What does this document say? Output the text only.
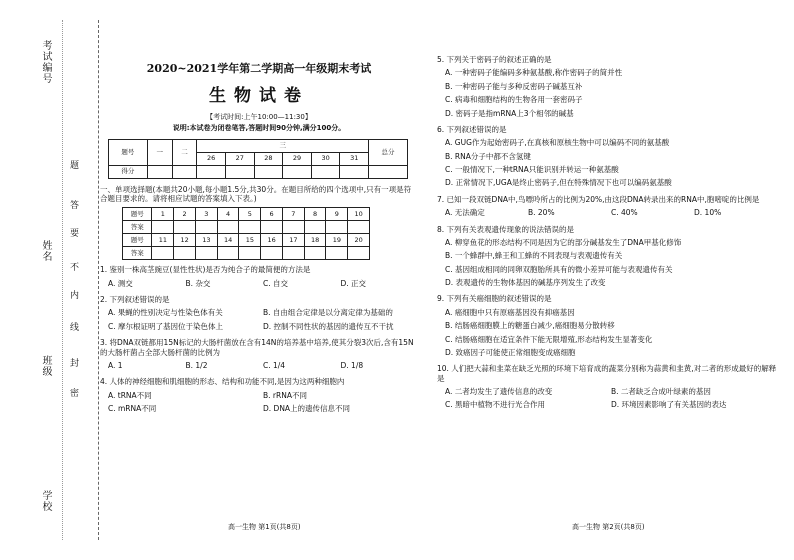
考试编号
姓名
班级
学校
题
答
要
不
内
线
封
密
2020~2021学年第二学期高一年级期末考试
生物试卷
【考试时间:上午10:00—11:30】
说明:本试卷为闭卷笔答,答题时间90分钟,满分100分。
题号	一	二	三						总分
			26	27	28	29	30	31	
得分									
一、单项选择题(本题共20小题,每小题1.5分,共30分。在题目所给的四个选项中,只有一项是符合题目要求的。请将相应试题的答案填入下表。)
题号	1	2	3	4	5	6	7	8	9	10
答案										
题号	11	12	13	14	15	16	17	18	19	20
答案										
1. 鉴别一株高茎豌豆(显性性状)是否为纯合子的最简便的方法是
A. 测交	B. 杂交	C. 自交	D. 正交
2. 下列叙述错误的是
A. 果蝇的性别决定与性染色体有关	B. 自由组合定律是以分离定律为基础的
C. 摩尔根证明了基因位于染色体上	D. 控制不同性状的基因的遗传互不干扰
3. 将DNA双链都用15N标记的大肠杆菌放在含有14N的培养基中培养,使其分裂3次后,含有15N的大肠杆菌占全部大肠杆菌的比例为
A. 1	B. 1/2	C. 1/4	D. 1/8
4. 人体的神经细胞和肌细胞的形态、结构和功能不同,是因为这两种细胞内
A. tRNA不同	B. rRNA不同
C. mRNA不同	D. DNA上的遗传信息不同
5. 下列关于密码子的叙述正确的是
A. 一种密码子能编码多种氨基酸,称作密码子的简并性
B. 一种密码子能与多种反密码子碱基互补
C. 病毒和细胞结构的生物各用一套密码子
D. 密码子是指mRNA上3个相邻的碱基
6. 下列叙述错误的是
A. GUG作为起始密码子,在真核和原核生物中可以编码不同的氨基酸
B. RNA分子中都不含氢键
C. 一般情况下,一种tRNA只能识别并转运一种氨基酸
D. 正常情况下,UGA是终止密码子,但在特殊情况下也可以编码氨基酸
7. 已知一段双链DNA中,鸟嘌呤所占的比例为20%,由这段DNA转录出来的RNA中,胞嘧啶的比例是
A. 无法确定	B. 20%	C. 40%	D. 10%
8. 下列有关表观遗传现象的说法错误的是
A. 柳穿鱼花的形态结构不同是因为它的部分碱基发生了DNA甲基化修饰
B. 一个蜂群中,蜂王和工蜂的不同表现与表观遗传有关
C. 基因组成相同的同卵双胞胎所具有的微小差异可能与表观遗传有关
D. 表观遗传的生物体基因的碱基序列发生了改变
9. 下列有关癌细胞的叙述错误的是
A. 癌细胞中只有原癌基因没有抑癌基因
B. 结肠癌细胞膜上的糖蛋白减少,癌细胞易分散转移
C. 结肠癌细胞在适宜条件下能无限增殖,形态结构发生显著变化
D. 致癌因子可能使正常细胞变成癌细胞
10. 人们把大蒜和韭菜在缺乏光照的环境下培育成的蔬菜分别称为蒜黄和韭黄,对二者的形成最好的解释是
A. 二者均发生了遗传信息的改变	B. 二者缺乏合成叶绿素的基因
C. 黑暗中植物不进行光合作用	D. 环境因素影响了有关基因的表达
高一生物 第1页(共8页)	高一生物 第2页(共8页)
